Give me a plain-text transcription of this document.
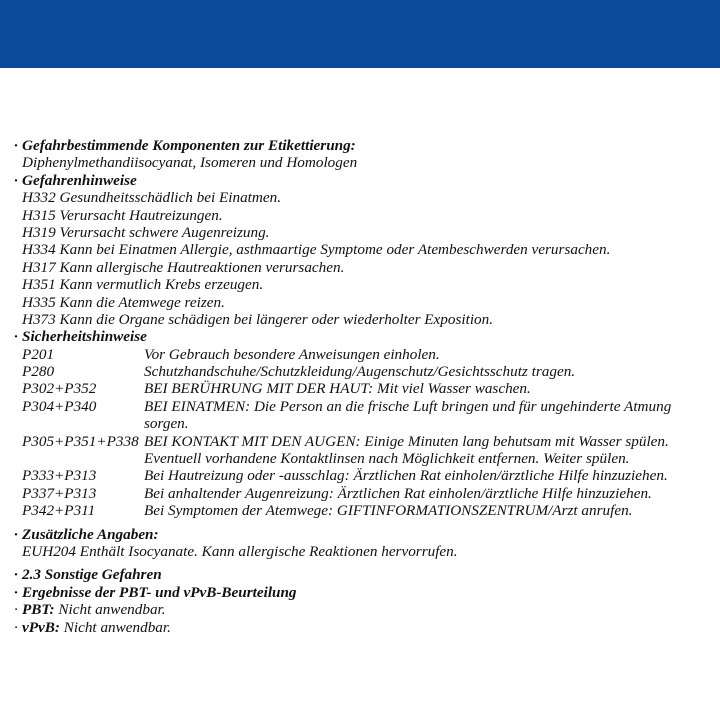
· Gefahrbestimmende Komponenten zur Etikettierung:
Diphenylmethandiisocyanat, Isomeren und Homologen
· Gefahrenhinweise
H332 Gesundheitsschädlich bei Einatmen.
H315 Verursacht Hautreizungen.
H319 Verursacht schwere Augenreizung.
H334 Kann bei Einatmen Allergie, asthmaartige Symptome oder Atembeschwerden verursachen.
H317 Kann allergische Hautreaktionen verursachen.
H351 Kann vermutlich Krebs erzeugen.
H335 Kann die Atemwege reizen.
H373 Kann die Organe schädigen bei längerer oder wiederholter Exposition.
· Sicherheitshinweise
P201	Vor Gebrauch besondere Anweisungen einholen.
P280	Schutzhandschuhe/Schutzkleidung/Augenschutz/Gesichtsschutz tragen.
P302+P352	BEI BERÜHRUNG MIT DER HAUT: Mit viel Wasser waschen.
P304+P340	BEI EINATMEN: Die Person an die frische Luft bringen und für ungehinderte Atmung
sorgen.
P305+P351+P338 BEI KONTAKT MIT DEN AUGEN: Einige Minuten lang behutsam mit Wasser spülen.
Eventuell vorhandene Kontaktlinsen nach Möglichkeit entfernen. Weiter spülen.
P333+P313	Bei Hautreizung oder -ausschlag: Ärztlichen Rat einholen/ärztliche Hilfe hinzuziehen.
P337+P313	Bei anhaltender Augenreizung: Ärztlichen Rat einholen/ärztliche Hilfe hinzuziehen.
P342+P311	Bei Symptomen der Atemwege: GIFTINFORMATIONSZENTRUM/Arzt anrufen.
· Zusätzliche Angaben:
EUH204 Enthält Isocyanate. Kann allergische Reaktionen hervorrufen.
· 2.3 Sonstige Gefahren
· Ergebnisse der PBT- und vPvB-Beurteilung
· PBT: Nicht anwendbar.
· vPvB: Nicht anwendbar.
